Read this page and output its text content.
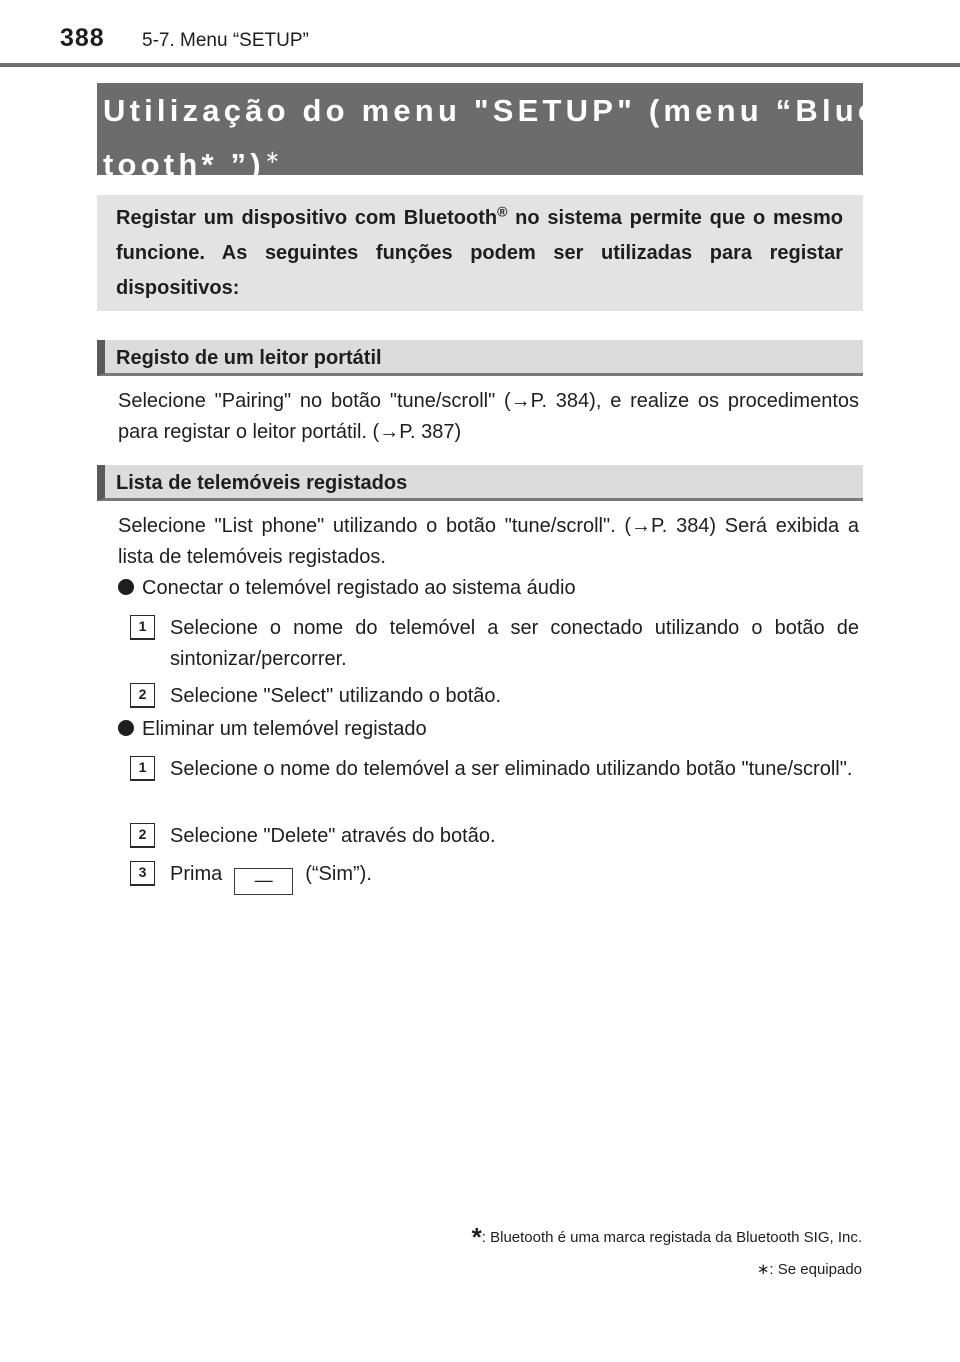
388 5-7. Menu “SETUP”
Utilização do menu "SETUP" (menu “Blue-
tooth* ”)∗
Registar um dispositivo com Bluetooth® no sistema permite que o mesmo funcione. As seguintes funções podem ser utilizadas para registar dispositivos:
Registo de um leitor portátil
Selecione "Pairing" no botão "tune/scroll" (→P. 384), e realize os procedimentos para registar o leitor portátil. (→P. 387)
Lista de telemóveis registados
Selecione "List phone" utilizando o botão "tune/scroll". (→P. 384) Será exibida a lista de telemóveis registados.
Conectar o telemóvel registado ao sistema áudio
1	Selecione o nome do telemóvel a ser conectado utilizando o botão de sintonizar/percorrer.
2	Selecione "Select" utilizando o botão.
Eliminar um telemóvel registado
1	Selecione o nome do telemóvel a ser eliminado utilizando botão "tune/scroll".
2	Selecione "Delete" através do botão.
3	Prima — (“Sim”).
*: Bluetooth é uma marca registada da Bluetooth SIG, Inc.
∗: Se equipado
